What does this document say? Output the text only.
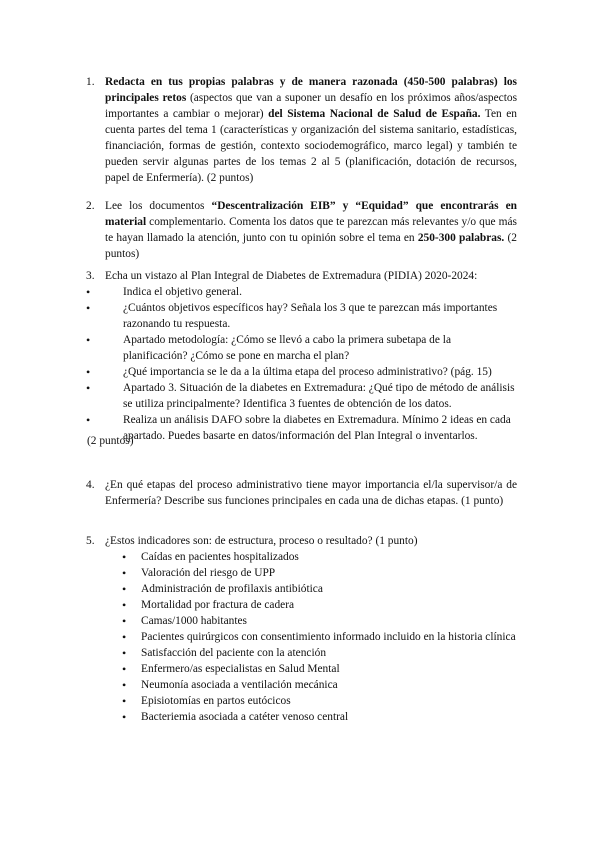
1. Redacta en tus propias palabras y de manera razonada (450-500 palabras) los principales retos (aspectos que van a suponer un desafío en los próximos años/aspectos importantes a cambiar o mejorar) del Sistema Nacional de Salud de España. Ten en cuenta partes del tema 1 (características y organización del sistema sanitario, estadísticas, financiación, formas de gestión, contexto sociodemográfico, marco legal) y también te pueden servir algunas partes de los temas 2 al 5 (planificación, dotación de recursos, papel de Enfermería). (2 puntos)

2. Lee los documentos “Descentralización EIB” y “Equidad” que encontrarás en material complementario. Comenta los datos que te parezcan más relevantes y/o que más te hayan llamado la atención, junto con tu opinión sobre el tema en 250-300 palabras. (2 puntos)

3. Echa un vistazo al Plan Integral de Diabetes de Extremadura (PIDIA) 2020-2024:

• Indica el objetivo general.
• ¿Cuántos objetivos específicos hay? Señala los 3 que te parezcan más importantes razonando tu respuesta.
• Apartado metodología: ¿Cómo se llevó a cabo la primera subetapa de la planificación? ¿Cómo se pone en marcha el plan?
• ¿Qué importancia se le da a la última etapa del proceso administrativo? (pág. 15)
• Apartado 3. Situación de la diabetes en Extremadura: ¿Qué tipo de método de análisis se utiliza principalmente? Identifica 3 fuentes de obtención de los datos.
• Realiza un análisis DAFO sobre la diabetes en Extremadura. Mínimo 2 ideas en cada apartado. Puedes basarte en datos/información del Plan Integral o inventarlos.
(2 puntos)
4. ¿En qué etapas del proceso administrativo tiene mayor importancia el/la supervisor/a de Enfermería? Describe sus funciones principales en cada una de dichas etapas. (1 punto)

5. ¿Estos indicadores son: de estructura, proceso o resultado? (1 punto)

• Caídas en pacientes hospitalizados
• Valoración del riesgo de UPP
• Administración de profilaxis antibiótica
• Mortalidad por fractura de cadera
• Camas/1000 habitantes
• Pacientes quirúrgicos con consentimiento informado incluido en la historia clínica
• Satisfacción del paciente con la atención
• Enfermero/as especialistas en Salud Mental
• Neumonía asociada a ventilación mecánica
• Episiotomías en partos eutócicos
• Bacteriemia asociada a catéter venoso central
